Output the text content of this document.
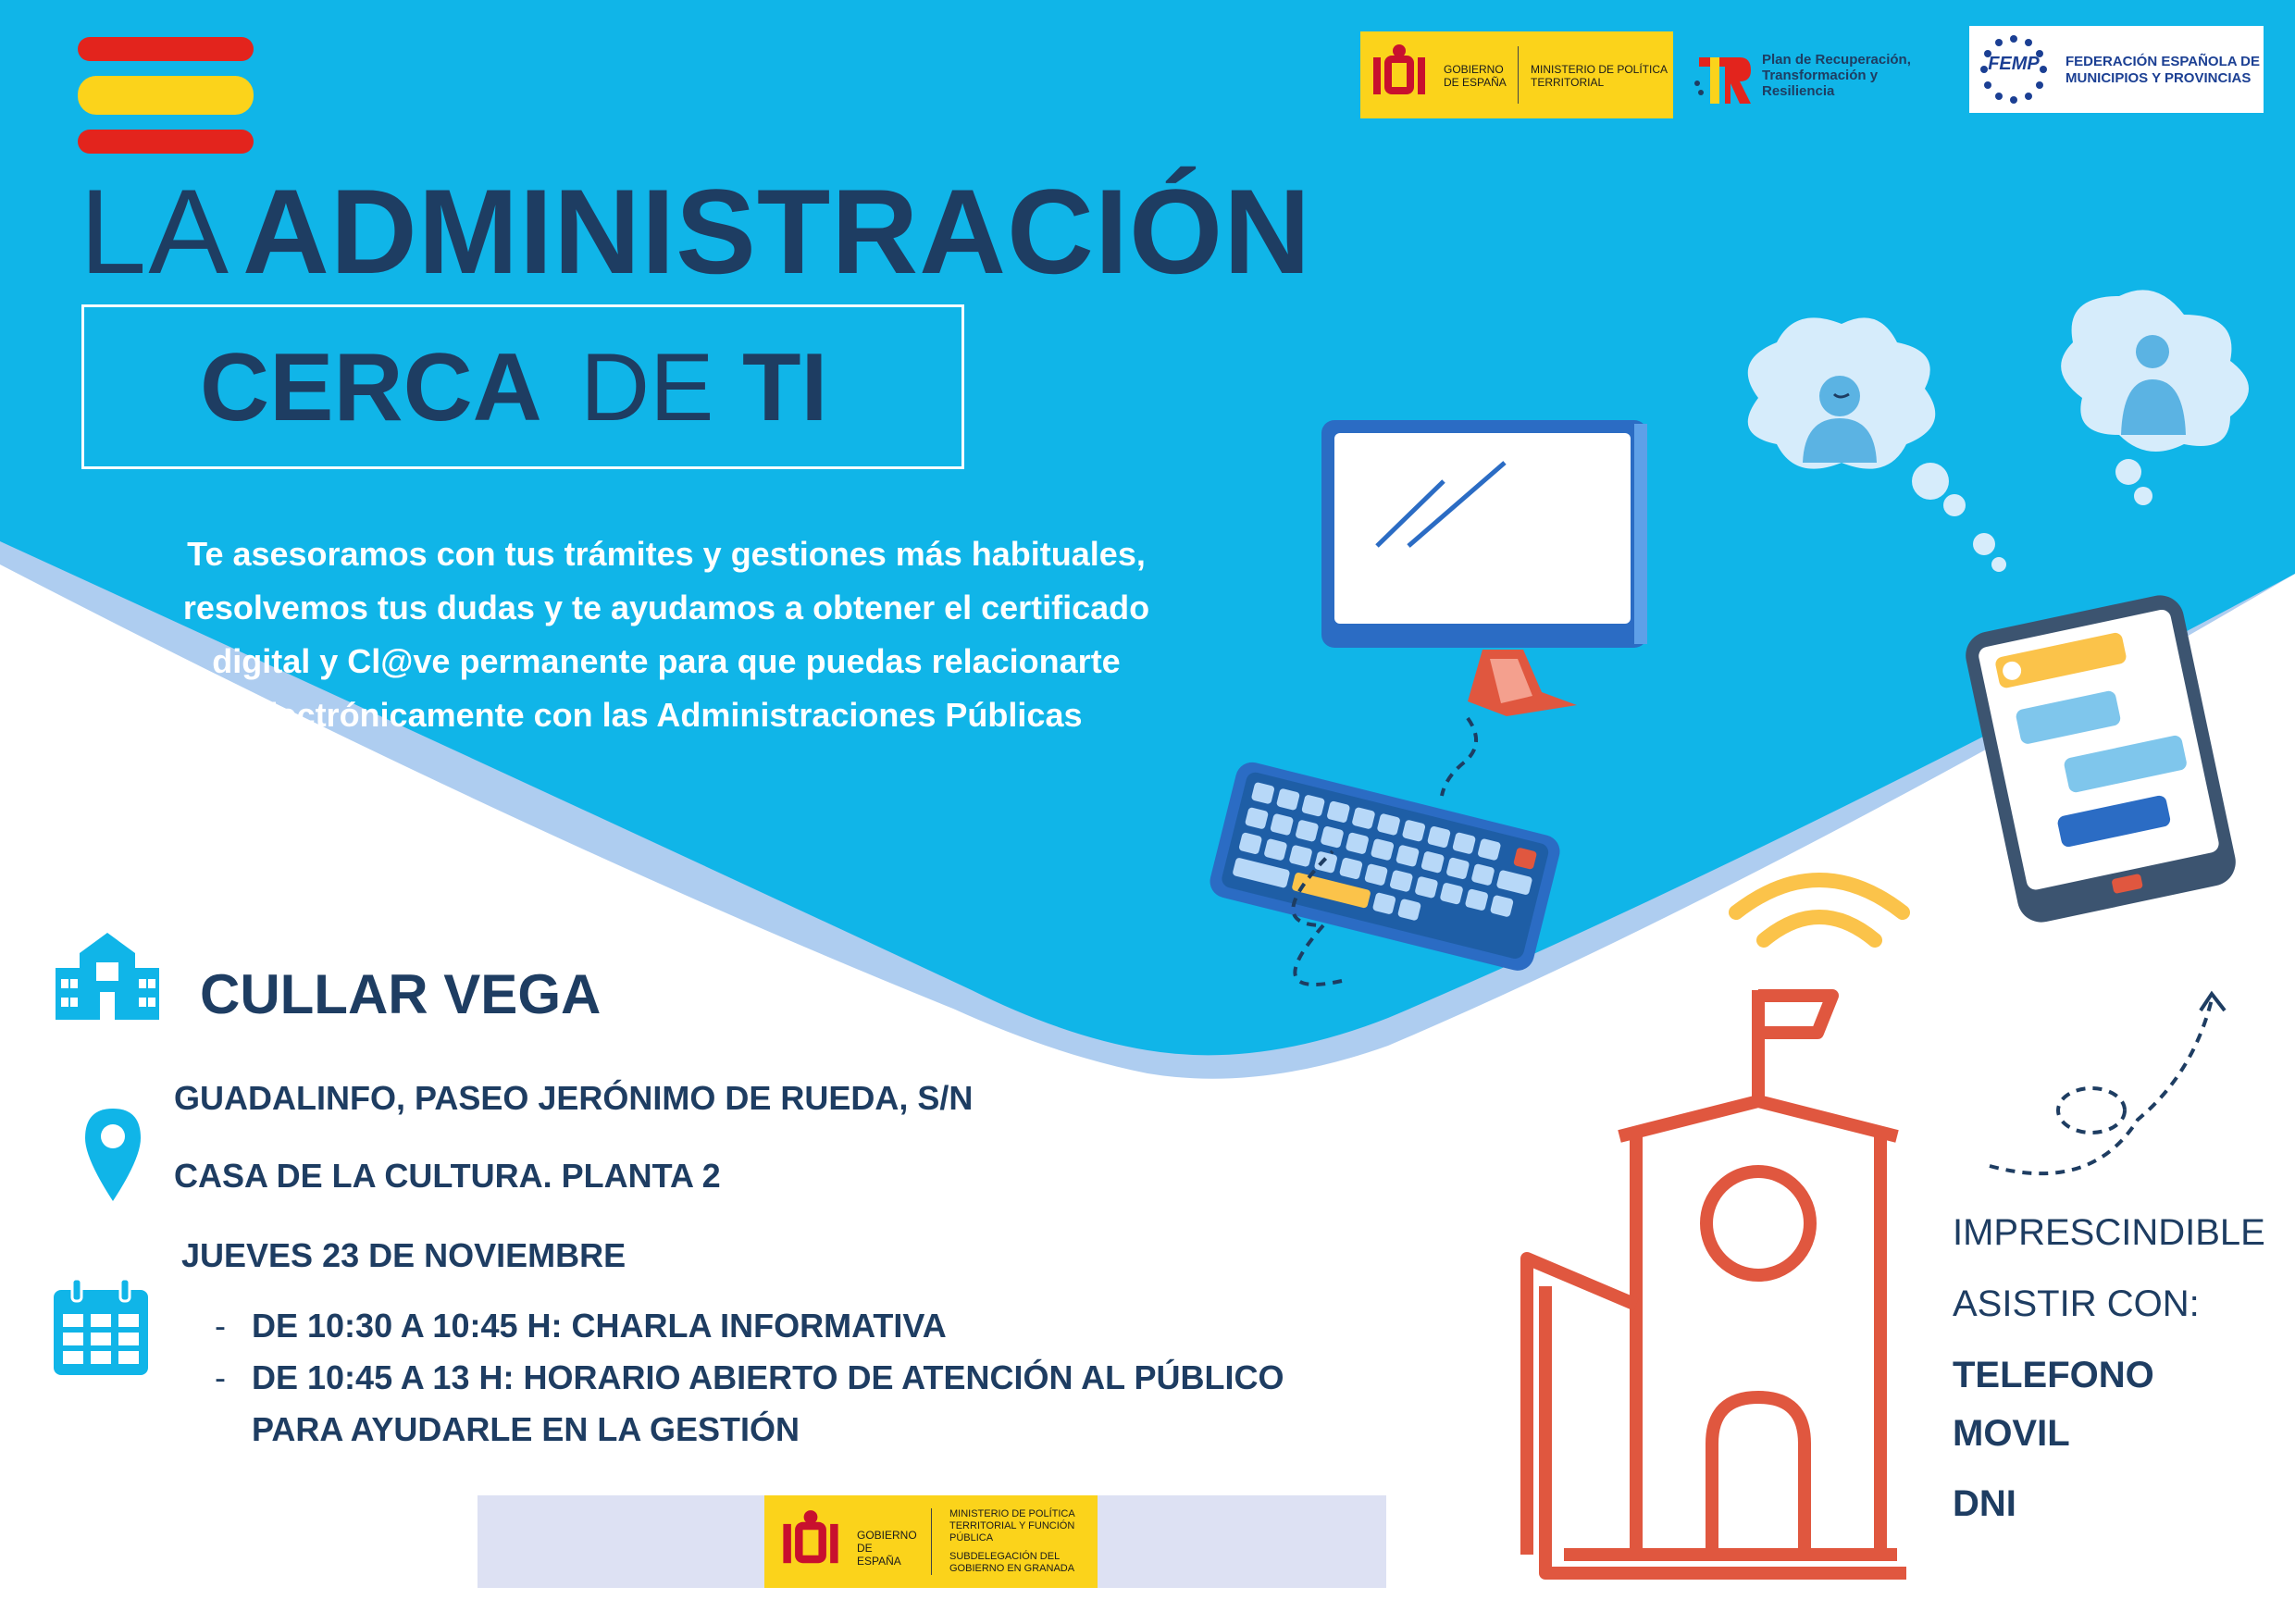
GOBIERNO DE ESPAÑA
MINISTERIO DE POLÍTICA TERRITORIAL
Plan de Recuperación, Transformación y Resiliencia
FEMP FEDERACIÓN ESPAÑOLA DE MUNICIPIOS Y PROVINCIAS
LA ADMINISTRACIÓN
CERCA DE TI
Te asesoramos con tus trámites y gestiones más habituales,
resolvemos tus dudas y te ayudamos a obtener el certificado
digital y Cl@ve permanente para que puedas relacionarte
electrónicamente con las Administraciones Públicas
CULLAR VEGA
GUADALINFO, PASEO JERÓNIMO DE RUEDA, S/N
CASA DE LA CULTURA. PLANTA 2
JUEVES 23 DE NOVIEMBRE
- DE 10:30 A 10:45 H: CHARLA INFORMATIVA
- DE 10:45 A 13 H: HORARIO ABIERTO DE ATENCIÓN AL PÚBLICO
PARA AYUDARLE EN LA GESTIÓN
IMPRESCINDIBLE
ASISTIR CON:
TELEFONO
MOVIL
DNI
GOBIERNO DE ESPAÑA
MINISTERIO DE POLÍTICA TERRITORIAL Y FUNCIÓN PÚBLICA
SUBDELEGACIÓN DEL GOBIERNO EN GRANADA
